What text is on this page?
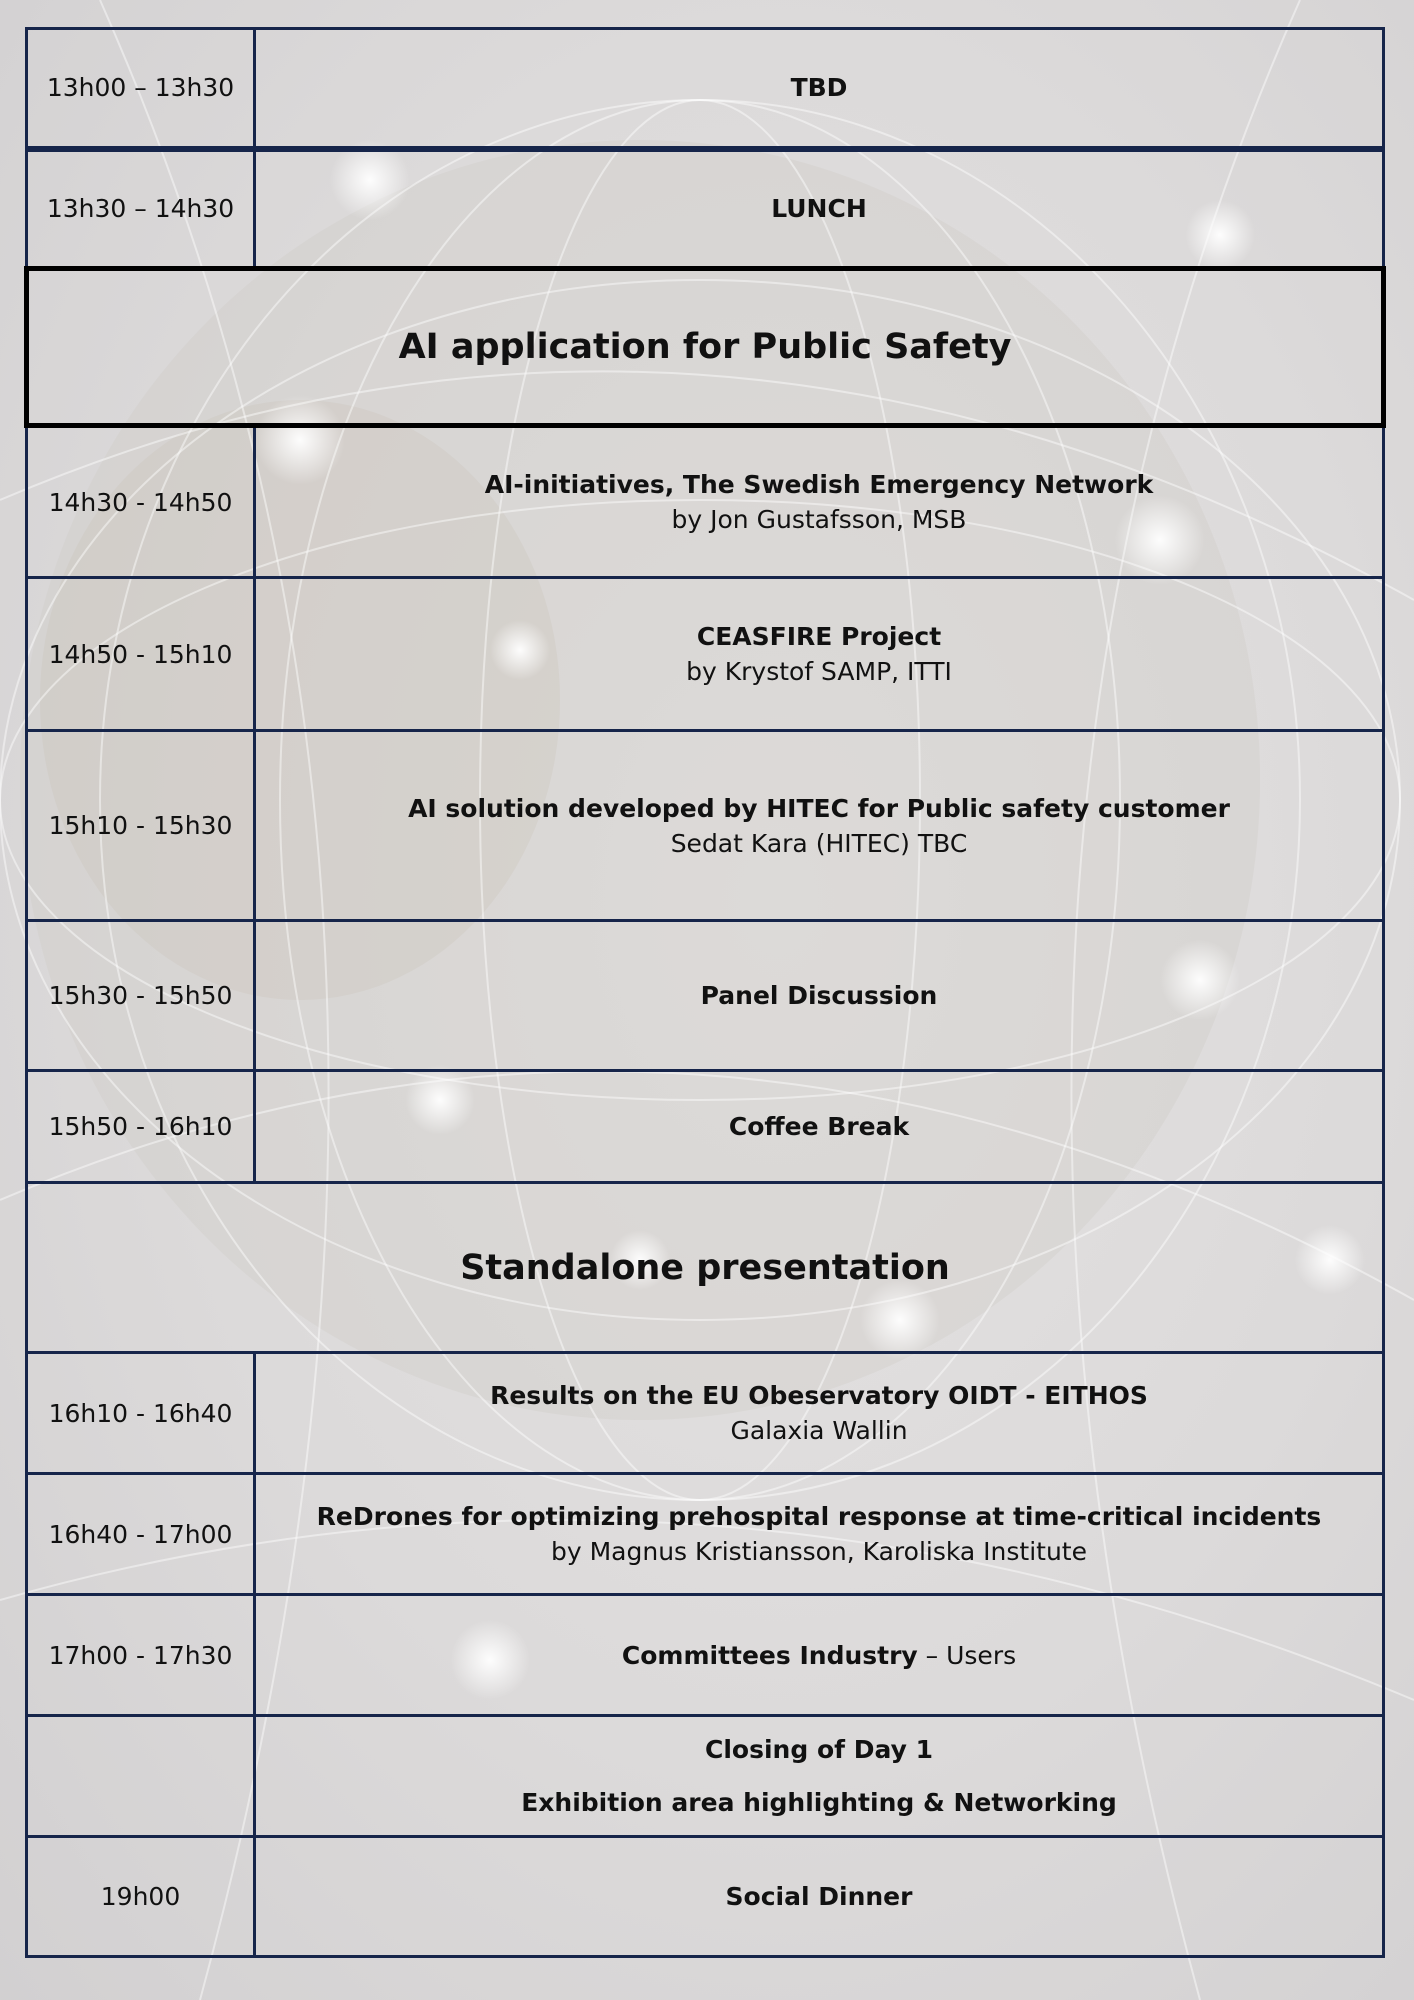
13h00 – 13h30	TBD

13h30 – 14h30	LUNCH

AI application for Public Safety	
14h30 - 14h50	AI-initiatives, The Swedish Emergency Network
by Jon Gustafsson, MSB

14h50 - 15h10	CEASFIRE Project
by Krystof SAMP, ITTI

15h10 - 15h30	AI solution developed by HITEC for Public safety customer
Sedat Kara (HITEC) TBC

15h30 - 15h50	Panel Discussion

15h50 - 16h10	Coffee Break

Standalone presentation	
16h10 - 16h40	Results on the EU Obeservatory OIDT - EITHOS
Galaxia Wallin

16h40 - 17h00	ReDrones for optimizing prehospital response at time-critical incidents
by Magnus Kristiansson, Karoliska Institute

17h00 - 17h30	Committees Industry – Users

	Closing of Day 1
Exhibition area highlighting & Networking

19h00	Social Dinner
